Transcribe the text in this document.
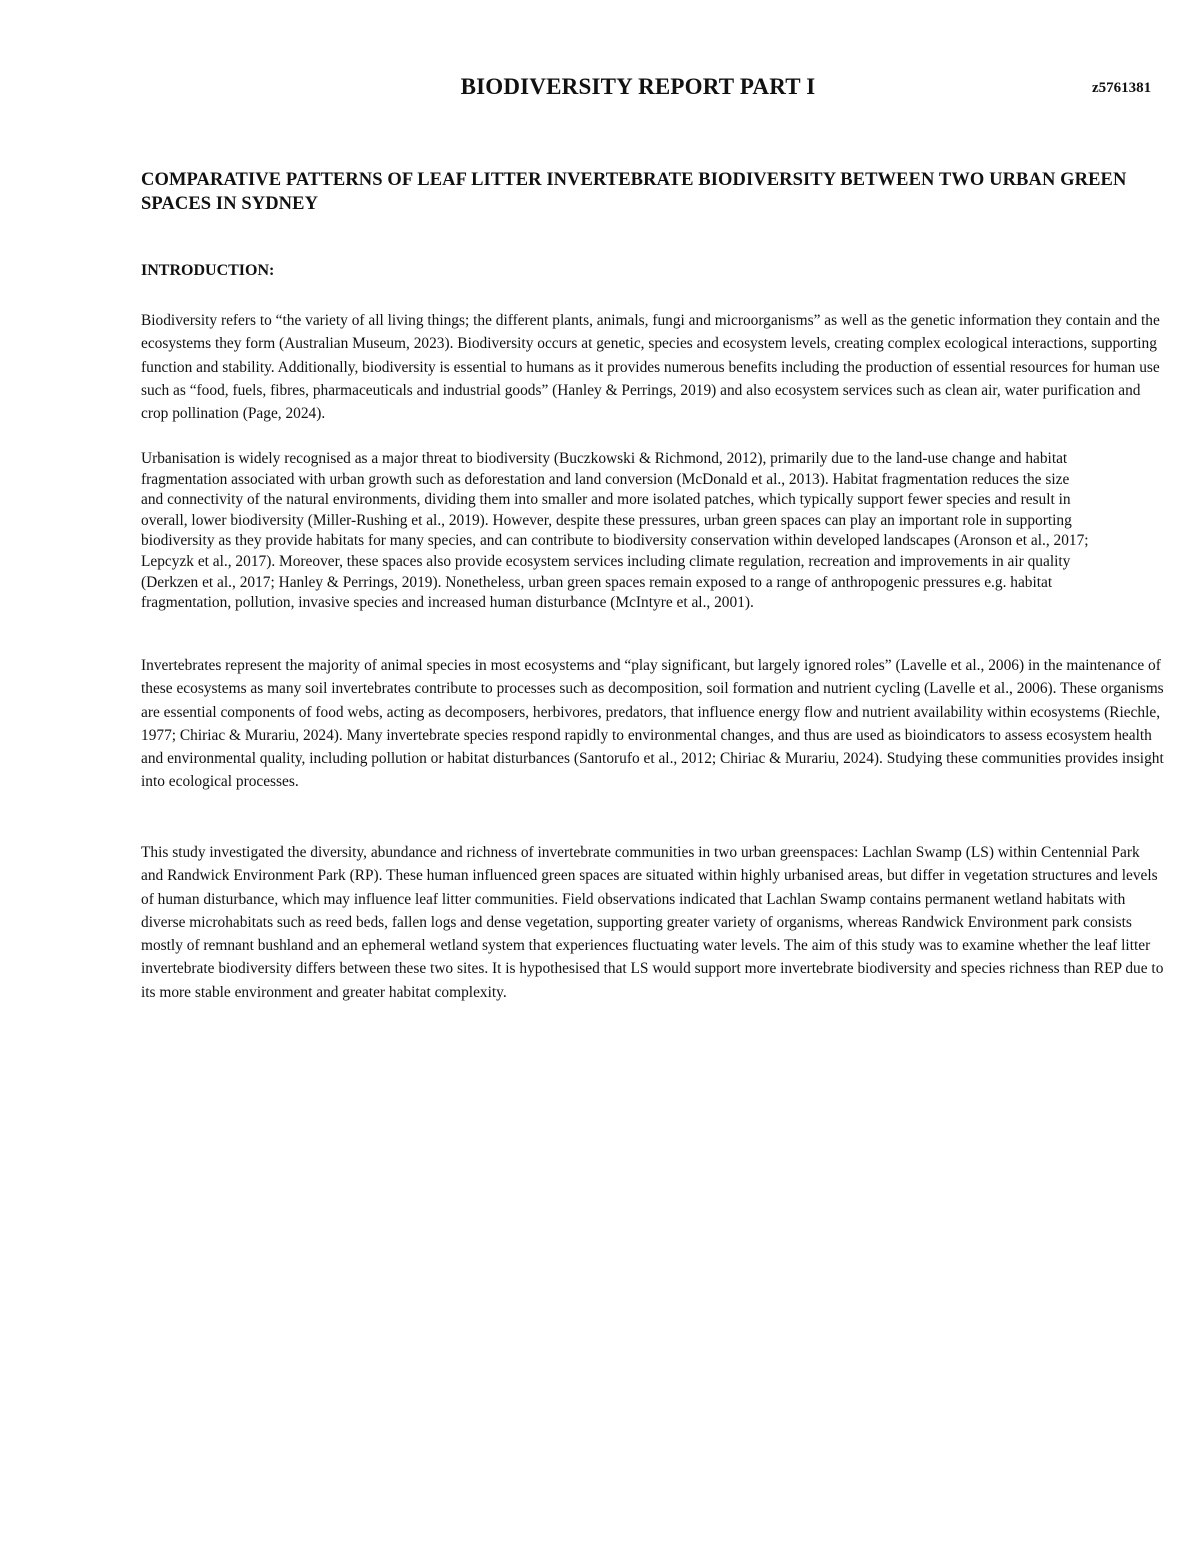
BIODIVERSITY REPORT PART I	z5761381
COMPARATIVE PATTERNS OF LEAF LITTER INVERTEBRATE BIODIVERSITY BETWEEN TWO URBAN GREEN SPACES IN SYDNEY
INTRODUCTION:

Biodiversity refers to “the variety of all living things; the different plants, animals, fungi and microorganisms” as well as the genetic information they contain and the ecosystems they form (Australian Museum, 2023). Biodiversity occurs at genetic, species and ecosystem levels, creating complex ecological interactions, supporting function and stability. Additionally, biodiversity is essential to humans as it provides numerous benefits including the production of essential resources for human use such as “food, fuels, fibres, pharmaceuticals and industrial goods” (Hanley & Perrings, 2019) and also ecosystem services such as clean air, water purification and crop pollination (Page, 2024).

Urbanisation is widely recognised as a major threat to biodiversity (Buczkowski & Richmond, 2012), primarily due to the land-use change and habitat fragmentation associated with urban growth such as deforestation and land conversion (McDonald et al., 2013). Habitat fragmentation reduces the size and connectivity of the natural environments, dividing them into smaller and more isolated patches, which typically support fewer species and result in overall, lower biodiversity (Miller-Rushing et al., 2019). However, despite these pressures, urban green spaces can play an important role in supporting biodiversity as they provide habitats for many species, and can contribute to biodiversity conservation within developed landscapes (Aronson et al., 2017; Lepcyzk et al., 2017). Moreover, these spaces also provide ecosystem services including climate regulation, recreation and improvements in air quality (Derkzen et al., 2017; Hanley & Perrings, 2019). Nonetheless, urban green spaces remain exposed to a range of anthropogenic pressures e.g. habitat fragmentation, pollution, invasive species and increased human disturbance (McIntyre et al., 2001).

Invertebrates represent the majority of animal species in most ecosystems and “play significant, but largely ignored roles” (Lavelle et al., 2006) in the maintenance of these ecosystems as many soil invertebrates contribute to processes such as decomposition, soil formation and nutrient cycling (Lavelle et al., 2006). These organisms are essential components of food webs, acting as decomposers, herbivores, predators, that influence energy flow and nutrient availability within ecosystems (Riechle, 1977; Chiriac & Murariu, 2024). Many invertebrate species respond rapidly to environmental changes, and thus are used as bioindicators to assess ecosystem health and environmental quality, including pollution or habitat disturbances (Santorufo et al., 2012; Chiriac & Murariu, 2024). Studying these communities provides insight into ecological processes.

This study investigated the diversity, abundance and richness of invertebrate communities in two urban greenspaces: Lachlan Swamp (LS) within Centennial Park and Randwick Environment Park (RP). These human influenced green spaces are situated within highly urbanised areas, but differ in vegetation structures and levels of human disturbance, which may influence leaf litter communities. Field observations indicated that Lachlan Swamp contains permanent wetland habitats with diverse microhabitats such as reed beds, fallen logs and dense vegetation, supporting greater variety of organisms, whereas Randwick Environment park consists mostly of remnant bushland and an ephemeral wetland system that experiences fluctuating water levels. The aim of this study was to examine whether the leaf litter invertebrate biodiversity differs between these two sites. It is hypothesised that LS would support more invertebrate biodiversity and species richness than REP due to its more stable environment and greater habitat complexity.
